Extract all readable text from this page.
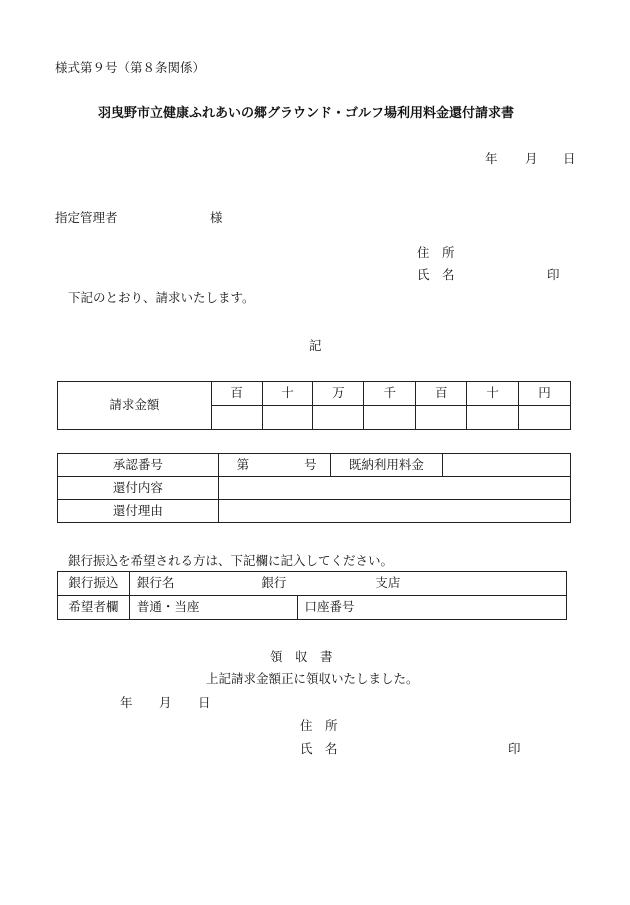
様式第９号（第８条関係）
羽曳野市立健康ふれあいの郷グラウンド・ゴルフ場利用料金還付請求書
年 月 日
指定管理者	様
住　所
氏　名	印
下記のとおり、請求いたします。
記
請求金額	百	十	万	千	百	十	円

承認番号	第 号	既納利用料金	
還付内容			
還付理由			
銀行振込を希望される方は、下記欄に記入してください。
銀行振込	銀行名 銀行 支店	
希望者欄	普通・当座	口座番号
領　収　書
上記請求金額正に領収いたしました。
年 月 日
住　所
氏　名	印
